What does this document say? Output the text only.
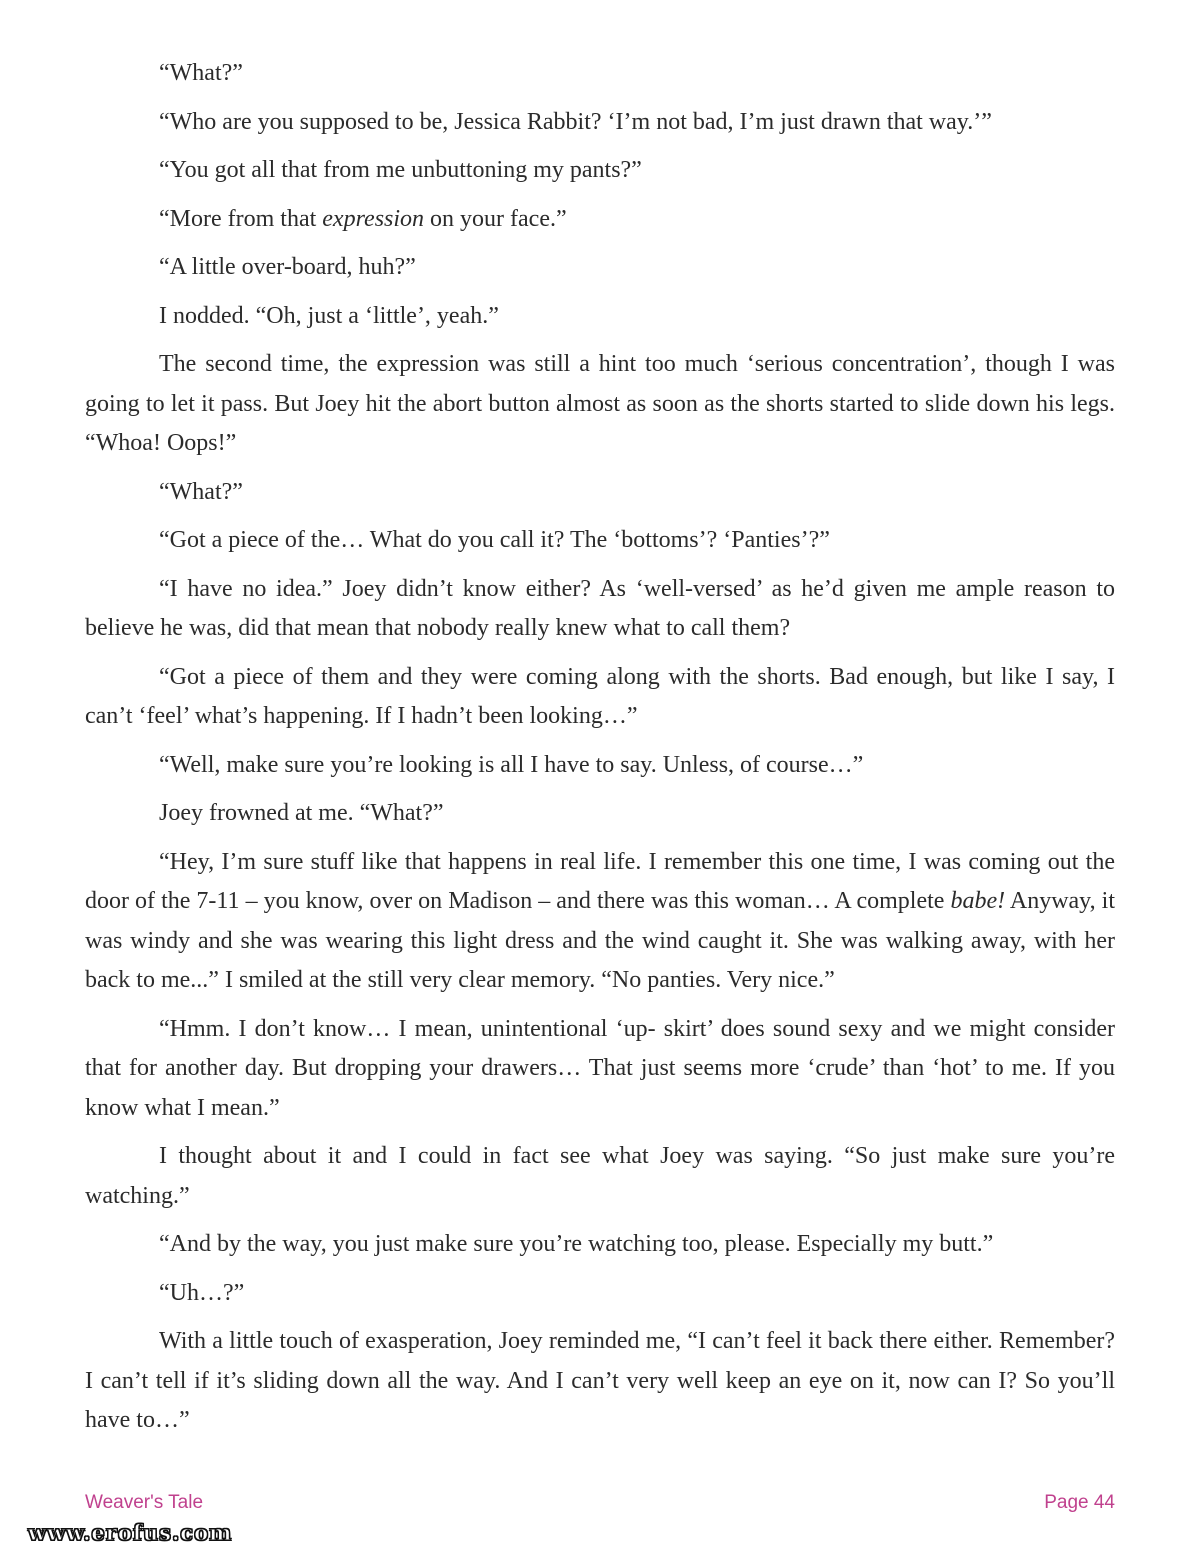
“What?”

“Who are you supposed to be, Jessica Rabbit? ‘I’m not bad, I’m just drawn that way.’”

“You got all that from me unbuttoning my pants?”

“More from that expression on your face.”

“A little over-board, huh?”

I nodded. “Oh, just a ‘little’, yeah.”

The second time, the expression was still a hint too much ‘serious concentration’, though I was going to let it pass. But Joey hit the abort button almost as soon as the shorts started to slide down his legs. “Whoa! Oops!”

“What?”

“Got a piece of the… What do you call it? The ‘bottoms’? ‘Panties’?”

“I have no idea.” Joey didn’t know either? As ‘well-versed’ as he’d given me ample reason to believe he was, did that mean that nobody really knew what to call them?

“Got a piece of them and they were coming along with the shorts. Bad enough, but like I say, I can’t ‘feel’ what’s happening. If I hadn’t been looking…”

“Well, make sure you’re looking is all I have to say. Unless, of course…”

Joey frowned at me. “What?”

“Hey, I’m sure stuff like that happens in real life. I remember this one time, I was coming out the door of the 7-11 – you know, over on Madison – and there was this woman… A complete babe! Anyway, it was windy and she was wearing this light dress and the wind caught it. She was walking away, with her back to me...” I smiled at the still very clear memory. “No panties. Very nice.”

“Hmm. I don’t know… I mean, unintentional ‘up- skirt’ does sound sexy and we might consider that for another day. But dropping your drawers… That just seems more ‘crude’ than ‘hot’ to me. If you know what I mean.”

I thought about it and I could in fact see what Joey was saying. “So just make sure you’re watching.”

“And by the way, you just make sure you’re watching too, please. Especially my butt.”

“Uh…?”

With a little touch of exasperation, Joey reminded me, “I can’t feel it back there either. Remember? I can’t tell if it’s sliding down all the way. And I can’t very well keep an eye on it, now can I? So you’ll have to…”

Weaver's Tale	Page 44
www.erofus.com
